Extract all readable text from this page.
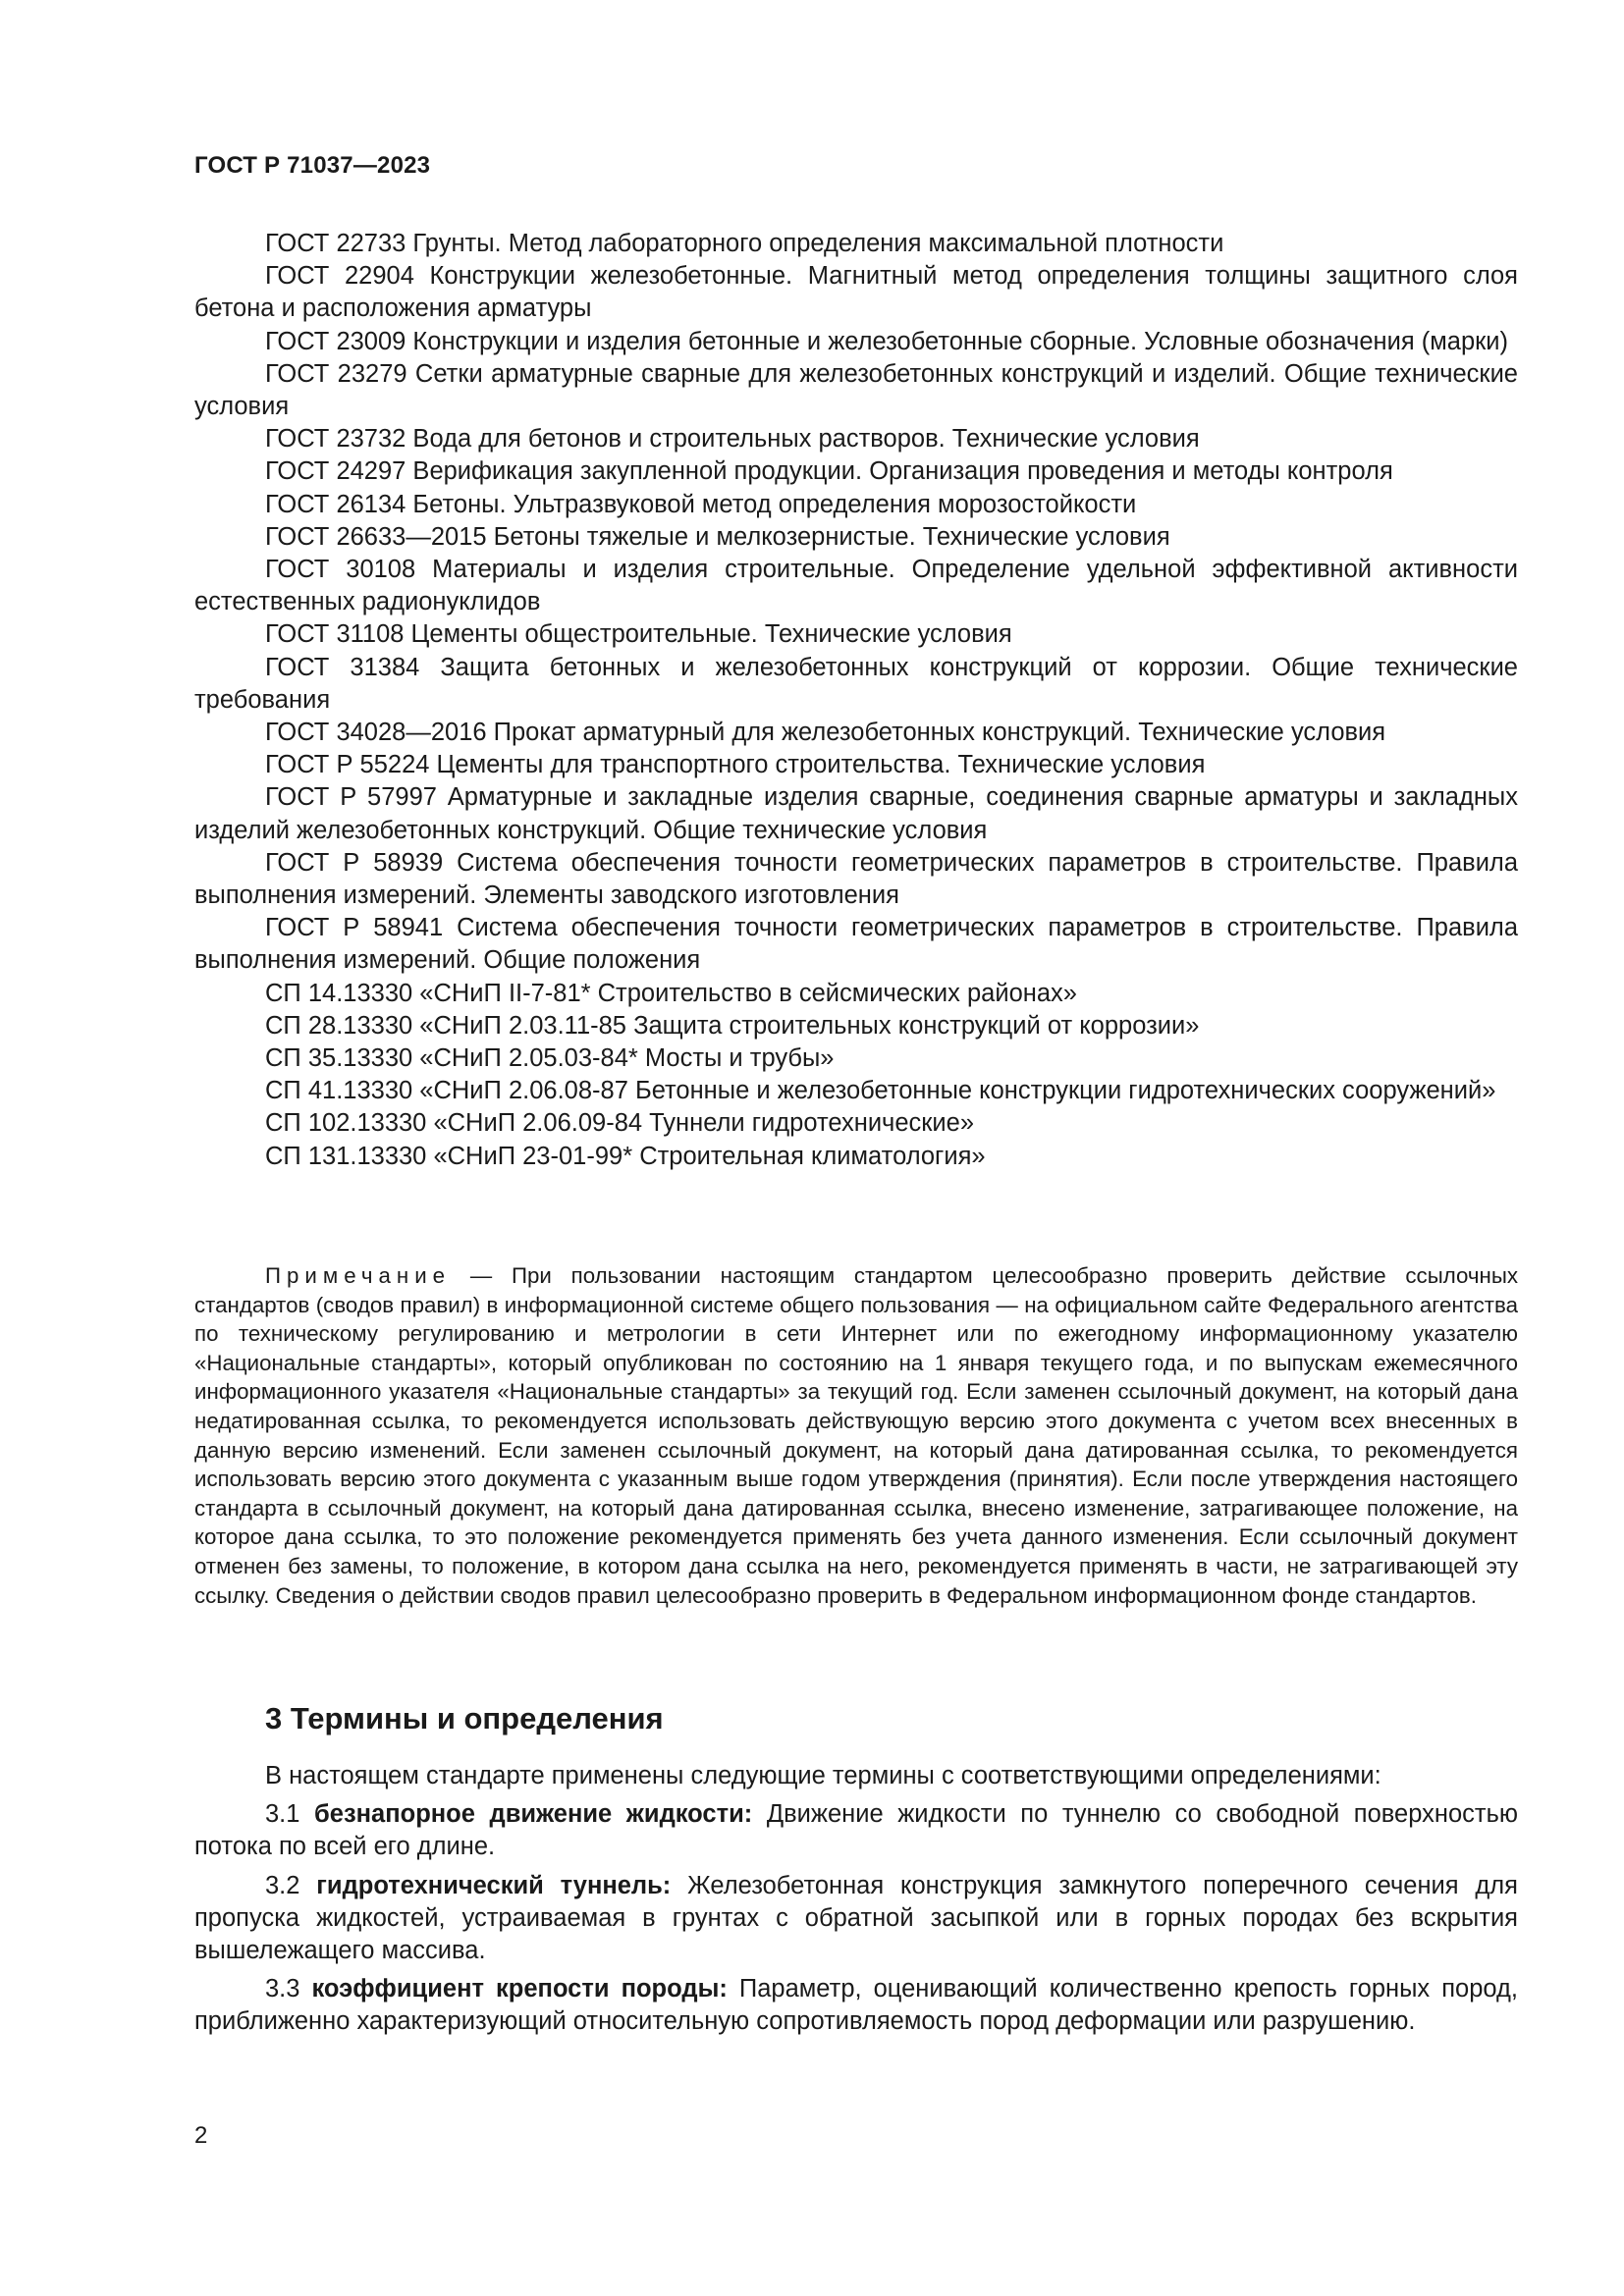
ГОСТ Р 71037—2023

ГОСТ 22733 Грунты. Метод лабораторного определения максимальной плотности

ГОСТ 22904 Конструкции железобетонные. Магнитный метод определения толщины защитного слоя бетона и расположения арматуры

ГОСТ 23009 Конструкции и изделия бетонные и железобетонные сборные. Условные обозначения (марки)

ГОСТ 23279 Сетки арматурные сварные для железобетонных конструкций и изделий. Общие технические условия

ГОСТ 23732 Вода для бетонов и строительных растворов. Технические условия

ГОСТ 24297 Верификация закупленной продукции. Организация проведения и методы контроля

ГОСТ 26134 Бетоны. Ультразвуковой метод определения морозостойкости

ГОСТ 26633—2015 Бетоны тяжелые и мелкозернистые. Технические условия

ГОСТ 30108 Материалы и изделия строительные. Определение удельной эффективной активности естественных радионуклидов

ГОСТ 31108 Цементы общестроительные. Технические условия

ГОСТ 31384 Защита бетонных и железобетонных конструкций от коррозии. Общие технические требования

ГОСТ 34028—2016 Прокат арматурный для железобетонных конструкций. Технические условия

ГОСТ Р 55224 Цементы для транспортного строительства. Технические условия

ГОСТ Р 57997 Арматурные и закладные изделия сварные, соединения сварные арматуры и закладных изделий железобетонных конструкций. Общие технические условия

ГОСТ Р 58939 Система обеспечения точности геометрических параметров в строительстве. Правила выполнения измерений. Элементы заводского изготовления

ГОСТ Р 58941 Система обеспечения точности геометрических параметров в строительстве. Правила выполнения измерений. Общие положения

СП 14.13330 «СНиП II-7-81* Строительство в сейсмических районах»

СП 28.13330 «СНиП 2.03.11-85 Защита строительных конструкций от коррозии»

СП 35.13330 «СНиП 2.05.03-84* Мосты и трубы»

СП 41.13330 «СНиП 2.06.08-87 Бетонные и железобетонные конструкции гидротехнических сооружений»

СП 102.13330 «СНиП 2.06.09-84 Туннели гидротехнические»

СП 131.13330 «СНиП 23-01-99* Строительная климатология»

Примечание — При пользовании настоящим стандартом целесообразно проверить действие ссылочных стандартов (сводов правил) в информационной системе общего пользования — на официальном сайте Федерального агентства по техническому регулированию и метрологии в сети Интернет или по ежегодному информационному указателю «Национальные стандарты», который опубликован по состоянию на 1 января текущего года, и по выпускам ежемесячного информационного указателя «Национальные стандарты» за текущий год. Если заменен ссылочный документ, на который дана недатированная ссылка, то рекомендуется использовать действующую версию этого документа с учетом всех внесенных в данную версию изменений. Если заменен ссылочный документ, на который дана датированная ссылка, то рекомендуется использовать версию этого документа с указанным выше годом утверждения (принятия). Если после утверждения настоящего стандарта в ссылочный документ, на который дана датированная ссылка, внесено изменение, затрагивающее положение, на которое дана ссылка, то это положение рекомендуется применять без учета данного изменения. Если ссылочный документ отменен без замены, то положение, в котором дана ссылка на него, рекомендуется применять в части, не затрагивающей эту ссылку. Сведения о действии сводов правил целесообразно проверить в Федеральном информационном фонде стандартов.

3 Термины и определения

В настоящем стандарте применены следующие термины с соответствующими определениями:

3.1 безнапорное движение жидкости: Движение жидкости по туннелю со свободной поверхностью потока по всей его длине.

3.2 гидротехнический туннель: Железобетонная конструкция замкнутого поперечного сечения для пропуска жидкостей, устраиваемая в грунтах с обратной засыпкой или в горных породах без вскрытия вышележащего массива.

3.3 коэффициент крепости породы: Параметр, оценивающий количественно крепость горных пород, приближенно характеризующий относительную сопротивляемость пород деформации или разрушению.

2
